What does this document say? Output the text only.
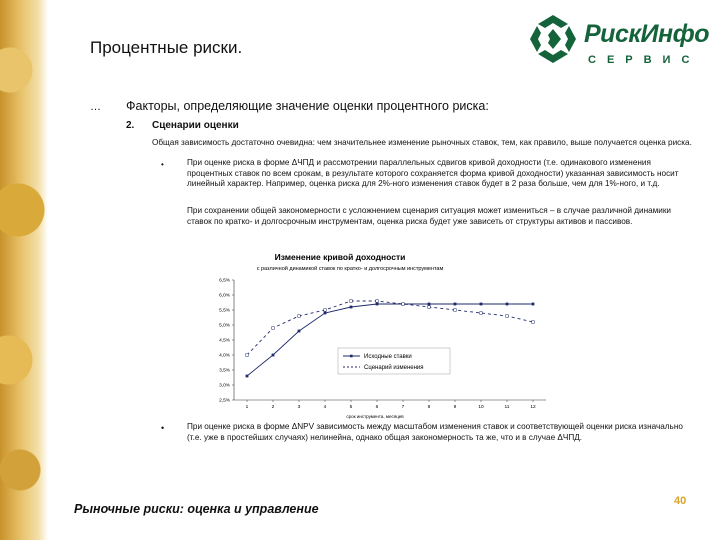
Процентные риски.	РискИнфо
СЕРВИС
… Факторы, определяющие значение оценки процентного риска:
2. Сценарии оценки
Общая зависимость достаточно очевидна: чем значительнее изменение рыночных ставок, тем, как правило, выше получается оценка риска.
•	При оценке риска в форме ΔЧПД и рассмотрении параллельных сдвигов кривой доходности (т.е. одинакового изменения процентных ставок по всем срокам, в результате которого сохраняется форма кривой доходности) указанная зависимость носит линейный характер. Например, оценка риска для 2%-ного изменения ставок будет в 2 раза больше, чем для 1%-ного, и т.д.
При сохранении общей закономерности с усложнением сценария ситуация может измениться – в случае различной динамики ставок по кратко- и долгосрочным инструментам, оценка риска будет уже зависеть от структуры активов и пассивов.
Изменение кривой доходности
с различной динамикой ставок по кратко- и долгосрочным инструментам
2,5%
3,0%
3,5%
4,0%
4,5%
5,0%
5,5%
6,0%
6,5%
1	2	3	4	5	6	7	8	9	10	11	12
Исходные ставки
Сценарий изменения
срок инструмента, месяцев
•	При оценке риска в форме ΔNPV зависимость между масштабом изменения ставок и соответствующей оценки риска изначально (т.е. уже в простейших случаях) нелинейна, однако общая закономерность та же, что и в случае ΔЧПД.
Рыночные риски: оценка и управление
40
